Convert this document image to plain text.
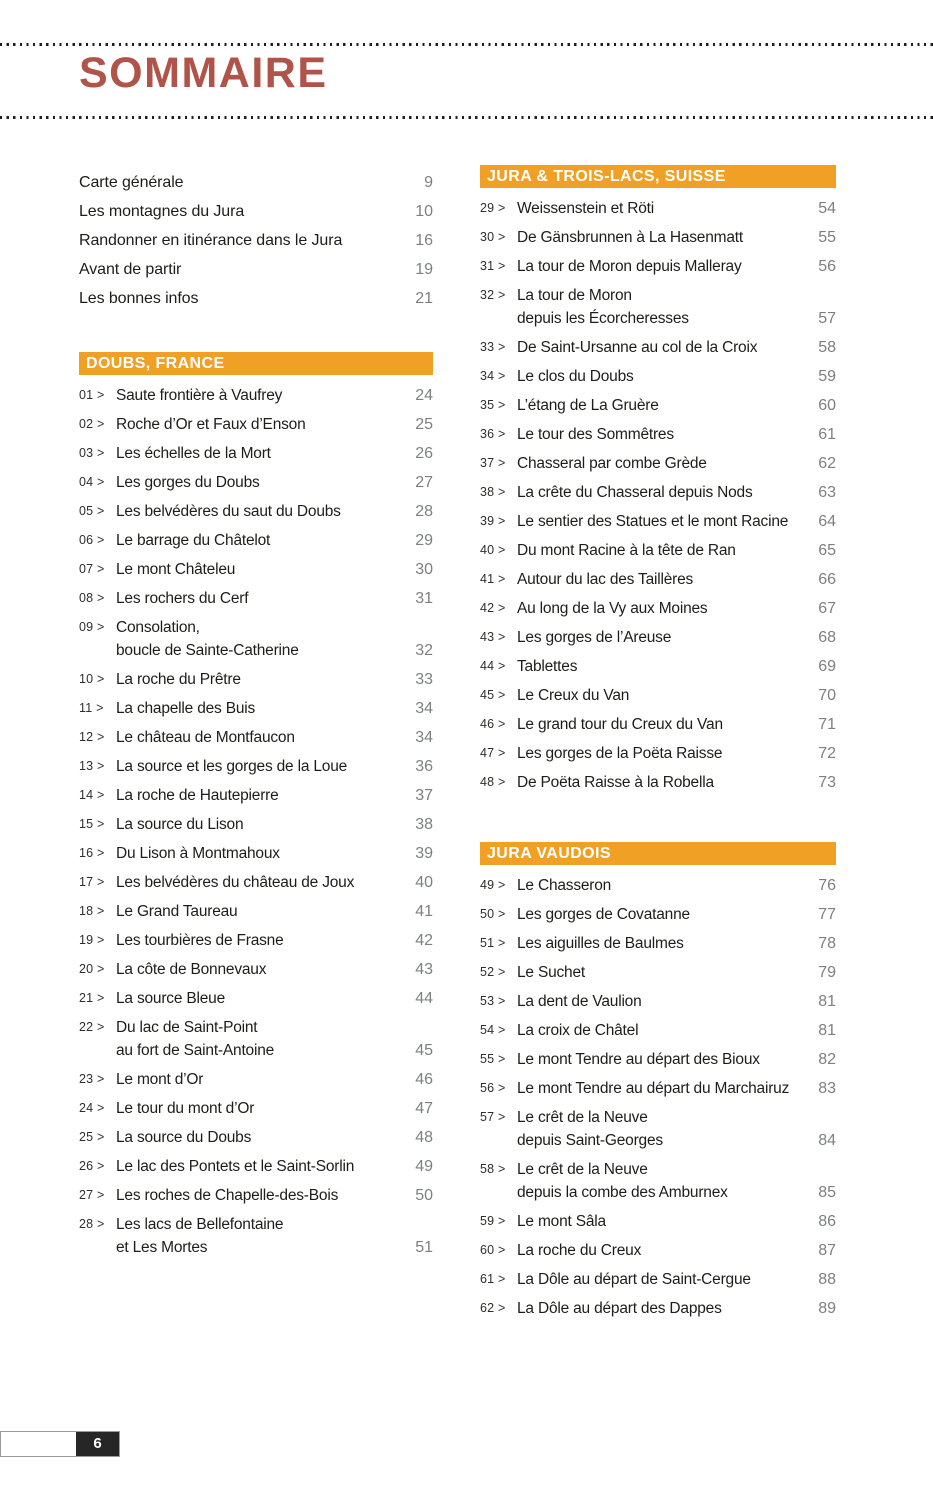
SOMMAIRE
Carte générale	9
Les montagnes du Jura	10
Randonner en itinérance dans le Jura	16
Avant de partir	19
Les bonnes infos	21
DOUBS, FRANCE
01 > Saute frontière à Vaufrey	24
02 > Roche d’Or et Faux d’Enson	25
03 > Les échelles de la Mort	26
04 > Les gorges du Doubs	27
05 > Les belvédères du saut du Doubs	28
06 > Le barrage du Châtelot	29
07 > Le mont Châteleu	30
08 > Les rochers du Cerf	31
09 > Consolation,
boucle de Sainte-Catherine	32
10 > La roche du Prêtre	33
11 > La chapelle des Buis	34
12 > Le château de Montfaucon	34
13 > La source et les gorges de la Loue	36
14 > La roche de Hautepierre	37
15 > La source du Lison	38
16 > Du Lison à Montmahoux	39
17 > Les belvédères du château de Joux	40
18 > Le Grand Taureau	41
19 > Les tourbières de Frasne	42
20 > La côte de Bonnevaux	43
21 > La source Bleue	44
22 > Du lac de Saint-Point
au fort de Saint-Antoine	45
23 > Le mont d’Or	46
24 > Le tour du mont d’Or	47
25 > La source du Doubs	48
26 > Le lac des Pontets et le Saint-Sorlin	49
27 > Les roches de Chapelle-des-Bois	50
28 > Les lacs de Bellefontaine
et Les Mortes	51
JURA & TROIS-LACS, SUISSE
29 > Weissenstein et Röti	54
30 > De Gänsbrunnen à La Hasenmatt	55
31 > La tour de Moron depuis Malleray	56
32 > La tour de Moron
depuis les Écorcheresses	57
33 > De Saint-Ursanne au col de la Croix	58
34 > Le clos du Doubs	59
35 > L’étang de La Gruère	60
36 > Le tour des Sommêtres	61
37 > Chasseral par combe Grède	62
38 > La crête du Chasseral depuis Nods	63
39 > Le sentier des Statues et le mont Racine	64
40 > Du mont Racine à la tête de Ran	65
41 > Autour du lac des Taillères	66
42 > Au long de la Vy aux Moines	67
43 > Les gorges de l’Areuse	68
44 > Tablettes	69
45 > Le Creux du Van	70
46 > Le grand tour du Creux du Van	71
47 > Les gorges de la Poëta Raisse	72
48 > De Poëta Raisse à la Robella	73
JURA VAUDOIS
49 > Le Chasseron	76
50 > Les gorges de Covatanne	77
51 > Les aiguilles de Baulmes	78
52 > Le Suchet	79
53 > La dent de Vaulion	81
54 > La croix de Châtel	81
55 > Le mont Tendre au départ des Bioux	82
56 > Le mont Tendre au départ du Marchairuz	83
57 > Le crêt de la Neuve
depuis Saint-Georges	84
58 > Le crêt de la Neuve
depuis la combe des Amburnex	85
59 > Le mont Sâla	86
60 > La roche du Creux	87
61 > La Dôle au départ de Saint-Cergue	88
62 > La Dôle au départ des Dappes	89
6
